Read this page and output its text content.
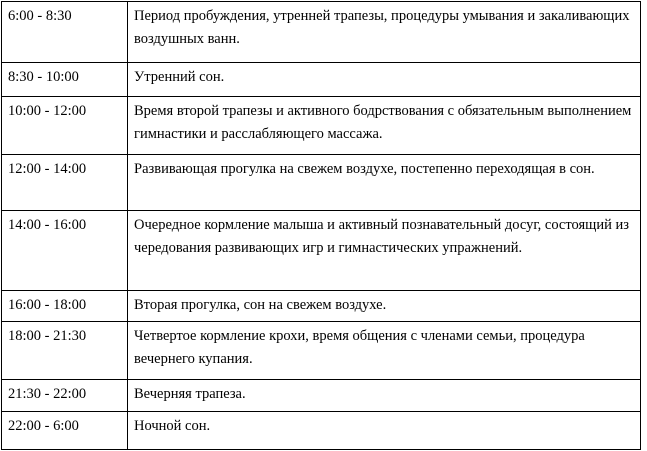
6:00 - 8:30	Период пробуждения, утренней трапезы, процедуры умывания и закаливающих воздушных ванн.
8:30 - 10:00	Утренний сон.
10:00 - 12:00	Время второй трапезы и активного бодрствования с обязательным выполнением гимнастики и расслабляющего массажа.
12:00 - 14:00	Развивающая прогулка на свежем воздухе, постепенно переходящая в сон.
14:00 - 16:00	Очередное кормление малыша и активный познавательный досуг, состоящий из чередования развивающих игр и гимнастических упражнений.
16:00 - 18:00	Вторая прогулка, сон на свежем воздухе.
18:00 - 21:30	Четвертое кормление крохи, время общения с членами семьи, процедура вечернего купания.
21:30 - 22:00	Вечерняя трапеза.
22:00 - 6:00	Ночной сон.
